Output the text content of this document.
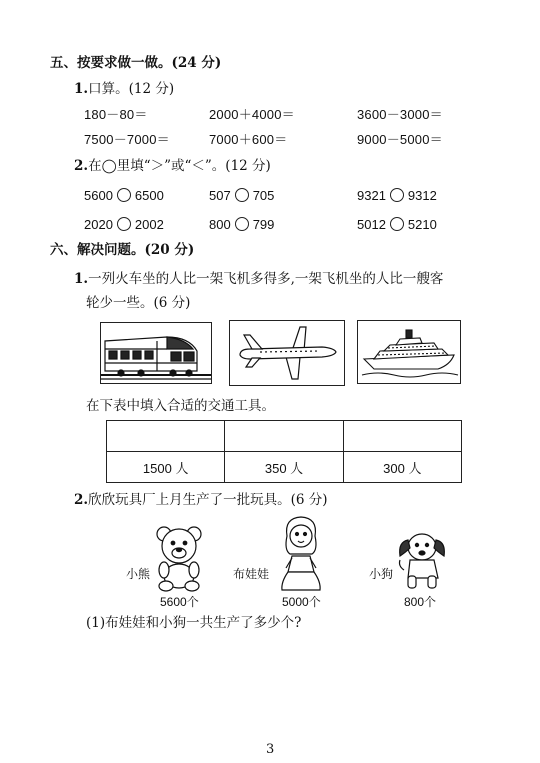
五、按要求做一做。(24 分)
1.口算。(12 分)
180－80＝	2000＋4000＝	3600－3000＝
7500－7000＝	7000＋600＝	9000－5000＝
2.在◯里填“＞”或“＜”。(12 分)
5600 6500	507 705	9321 9312
2020 2002	800 799	5012 5210
六、解决问题。(20 分)
1.一列火车坐的人比一架飞机多得多,一架飞机坐的人比一艘客
轮少一些。(6 分)
在下表中填入合适的交通工具。

1500 人	350 人	300 人
2.欣欣玩具厂上月生产了一批玩具。(6 分)
小熊
5600个
布娃娃
5000个
小狗
800个
(1)布娃娃和小狗一共生产了多少个?
3
